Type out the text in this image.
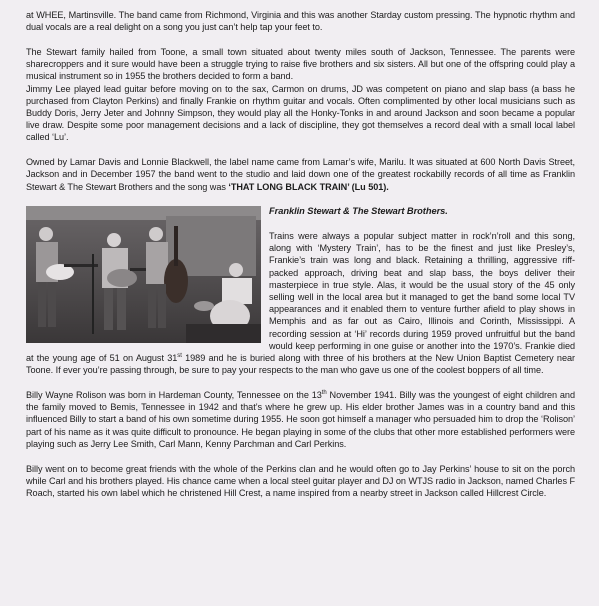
at WHEE, Martinsville. The band came from Richmond, Virginia and this was another Starday custom pressing. The hypnotic rhythm and dual vocals are a real delight on a song you just can’t help tap your feet to.

The Stewart family hailed from Toone, a small town situated about twenty miles south of Jackson, Tennessee. The parents were sharecroppers and it sure would have been a struggle trying to raise five brothers and six sisters. All but one of the offspring could play a musical instrument so in 1955 the brothers decided to form a band.

Jimmy Lee played lead guitar before moving on to the sax, Carmon on drums, JD was competent on piano and slap bass (a bass he purchased from Clayton Perkins) and finally Frankie on rhythm guitar and vocals. Often complimented by other local musicians such as Buddy Doris, Jerry Jeter and Johnny Simpson, they would play all the Honky-Tonks in and around Jackson and soon became a popular live draw. Despite some poor management decisions and a lack of discipline, they got themselves a record deal with a small local label called ‘Lu’.

Owned by Lamar Davis and Lonnie Blackwell, the label name came from Lamar’s wife, Marilu. It was situated at 600 North Davis Street, Jackson and in December 1957 the band went to the studio and laid down one of the greatest rockabilly records of all time as Franklin Stewart & The Stewart Brothers and the song was ‘THAT LONG BLACK TRAIN’ (Lu 501).

Franklin Stewart & The Stewart Brothers.

Trains were always a popular subject matter in rock’n’roll and this song, along with ‘Mystery Train’, has to be the finest and just like Presley’s, Frankie’s train was long and black. Retaining a thrilling, aggressive riff-packed approach, driving beat and slap bass, the boys deliver their masterpiece in true style. Alas, it would be the usual story of the 45 only selling well in the local area but it managed to get the band some local TV appearances and it enabled them to venture further afield to play shows in Memphis and as far out as Cairo, Illinois and Corinth, Mississippi. A recording session at ‘Hi’ records during 1959 proved unfruitful but the band would keep performing in one guise or another into the 1970’s. Frankie died at the young age of 51 on August 31st 1989 and he is buried along with three of his brothers at the New Union Baptist Cemetery near Toone. If ever you’re passing through, be sure to pay your respects to the man who gave us one of the coolest boppers of all time.

Billy Wayne Rolison was born in Hardeman County, Tennessee on the 13th November 1941. Billy was the youngest of eight children and the family moved to Bemis, Tennessee in 1942 and that’s where he grew up. His elder brother James was in a country band and this influenced Billy to start a band of his own sometime during 1955. He soon got himself a manager who persuaded him to drop the ‘Rolison’ part of his name as it was quite difficult to pronounce. He began playing in some of the clubs that other more established performers were playing such as Jerry Lee Smith, Carl Mann, Kenny Parchman and Carl Perkins.

Billy went on to become great friends with the whole of the Perkins clan and he would often go to Jay Perkins’ house to sit on the porch while Carl and his brothers played. His chance came when a local steel guitar player and DJ on WTJS radio in Jackson, named Charles F Roach, started his own label which he christened Hill Crest, a name inspired from a nearby street in Jackson called Hillcrest Circle.
